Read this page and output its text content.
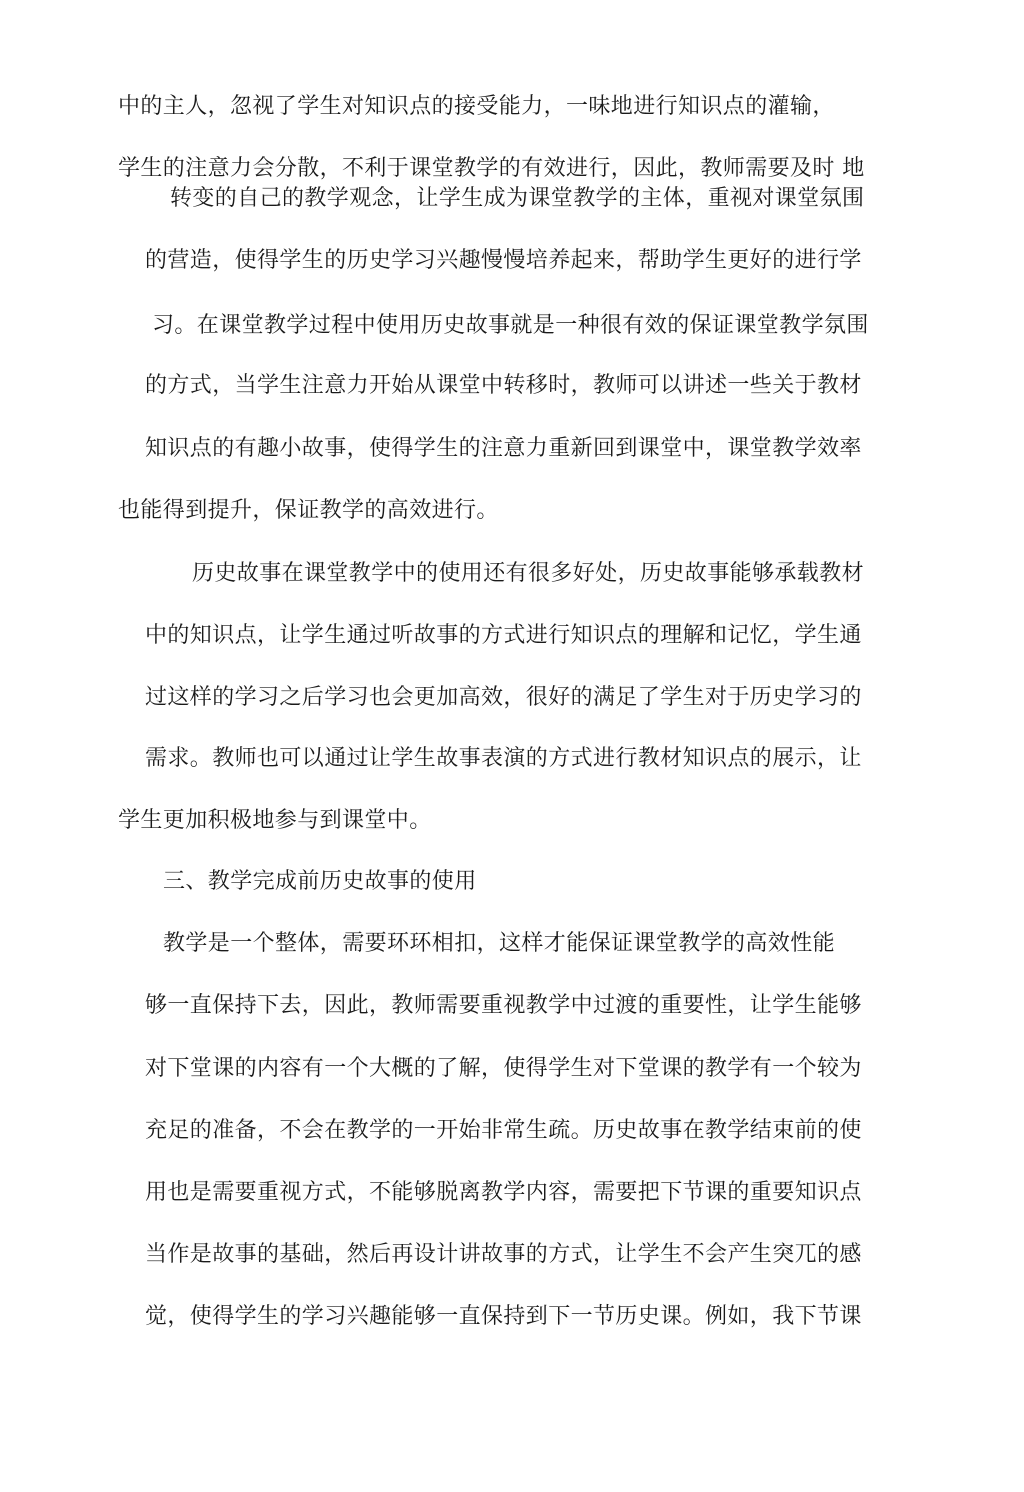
中的主人，忽视了学生对知识点的接受能力，一味地进行知识点的灌输，
学生的注意力会分散，不利于课堂教学的有效进行，因此，教师需要及时 地
转变的自己的教学观念，让学生成为课堂教学的主体，重视对课堂氛围
的营造，使得学生的历史学习兴趣慢慢培养起来，帮助学生更好的进行学
习。在课堂教学过程中使用历史故事就是一种很有效的保证课堂教学氛围
的方式，当学生注意力开始从课堂中转移时，教师可以讲述一些关于教材
知识点的有趣小故事，使得学生的注意力重新回到课堂中，课堂教学效率
也能得到提升，保证教学的高效进行。
历史故事在课堂教学中的使用还有很多好处，历史故事能够承载教材
中的知识点，让学生通过听故事的方式进行知识点的理解和记忆，学生通
过这样的学习之后学习也会更加高效，很好的满足了学生对于历史学习的
需求。教师也可以通过让学生故事表演的方式进行教材知识点的展示，让
学生更加积极地参与到课堂中。
三、教学完成前历史故事的使用
教学是一个整体，需要环环相扣，这样才能保证课堂教学的高效性能
够一直保持下去，因此，教师需要重视教学中过渡的重要性，让学生能够
对下堂课的内容有一个大概的了解，使得学生对下堂课的教学有一个较为
充足的准备，不会在教学的一开始非常生疏。历史故事在教学结束前的使
用也是需要重视方式，不能够脱离教学内容，需要把下节课的重要知识点
当作是故事的基础，然后再设计讲故事的方式，让学生不会产生突兀的感
觉，使得学生的学习兴趣能够一直保持到下一节历史课。例如，我下节课
